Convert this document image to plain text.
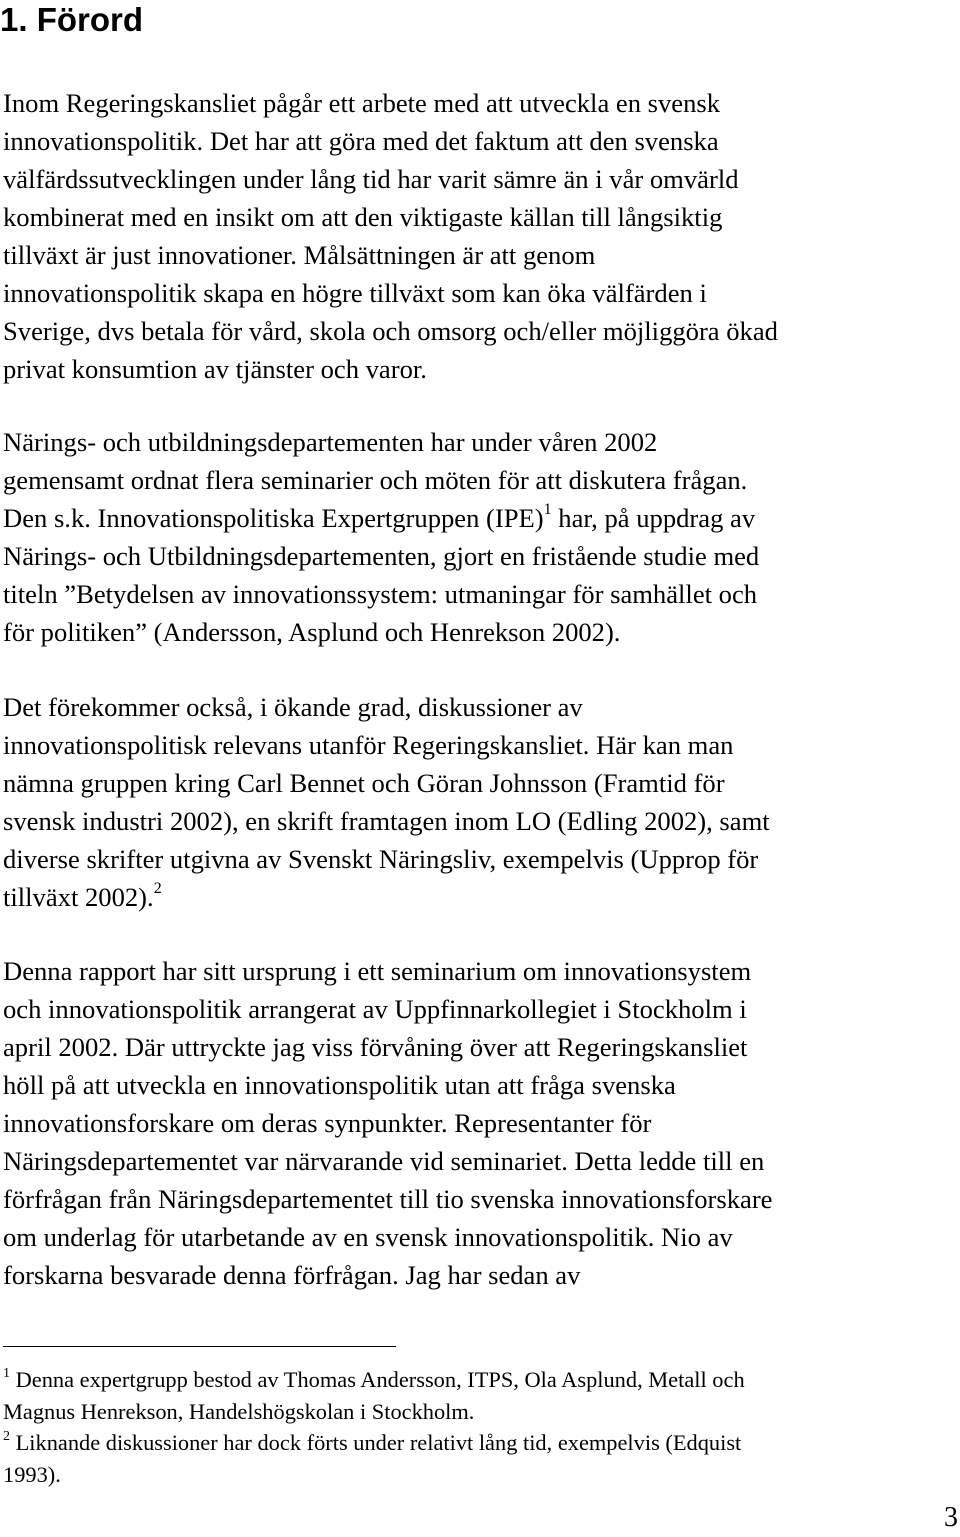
1. Förord

Inom Regeringskansliet pågår ett arbete med att utveckla en svensk
innovationspolitik. Det har att göra med det faktum att den svenska
välfärdssutvecklingen under lång tid har varit sämre än i vår omvärld
kombinerat med en insikt om att den viktigaste källan till långsiktig
tillväxt är just innovationer. Målsättningen är att genom
innovationspolitik skapa en högre tillväxt som kan öka välfärden i
Sverige, dvs betala för vård, skola och omsorg och/eller möjliggöra ökad
privat konsumtion av tjänster och varor.

Närings- och utbildningsdepartementen har under våren 2002
gemensamt ordnat flera seminarier och möten för att diskutera frågan.
Den s.k. Innovationspolitiska Expertgruppen (IPE)$^1$ har, på uppdrag av
Närings- och Utbildningsdepartementen, gjort en fristående studie med
titeln ”Betydelsen av innovationssystem: utmaningar för samhället och
för politiken” (Andersson, Asplund och Henrekson 2002).

Det förekommer också, i ökande grad, diskussioner av
innovationspolitisk relevans utanför Regeringskansliet. Här kan man
nämna gruppen kring Carl Bennet och Göran Johnsson (Framtid för
svensk industri 2002), en skrift framtagen inom LO (Edling 2002), samt
diverse skrifter utgivna av Svenskt Näringsliv, exempelvis (Upprop för
tillväxt 2002).$^2$

Denna rapport har sitt ursprung i ett seminarium om innovationsystem
och innovationspolitik arrangerat av Uppfinnarkollegiet i Stockholm i
april 2002. Där uttryckte jag viss förvåning över att Regeringskansliet
höll på att utveckla en innovationspolitik utan att fråga svenska
innovationsforskare om deras synpunkter. Representanter för
Näringsdepartementet var närvarande vid seminariet. Detta ledde till en
förfrågan från Näringsdepartementet till tio svenska innovationsforskare
om underlag för utarbetande av en svensk innovationspolitik. Nio av
forskarna besvarade denna förfrågan. Jag har sedan av

$^1$ Denna expertgrupp bestod av Thomas Andersson, ITPS, Ola Asplund, Metall och
Magnus Henrekson, Handelshögskolan i Stockholm.

$^2$ Liknande diskussioner har dock förts under relativt lång tid, exempelvis (Edquist
1993).

3
